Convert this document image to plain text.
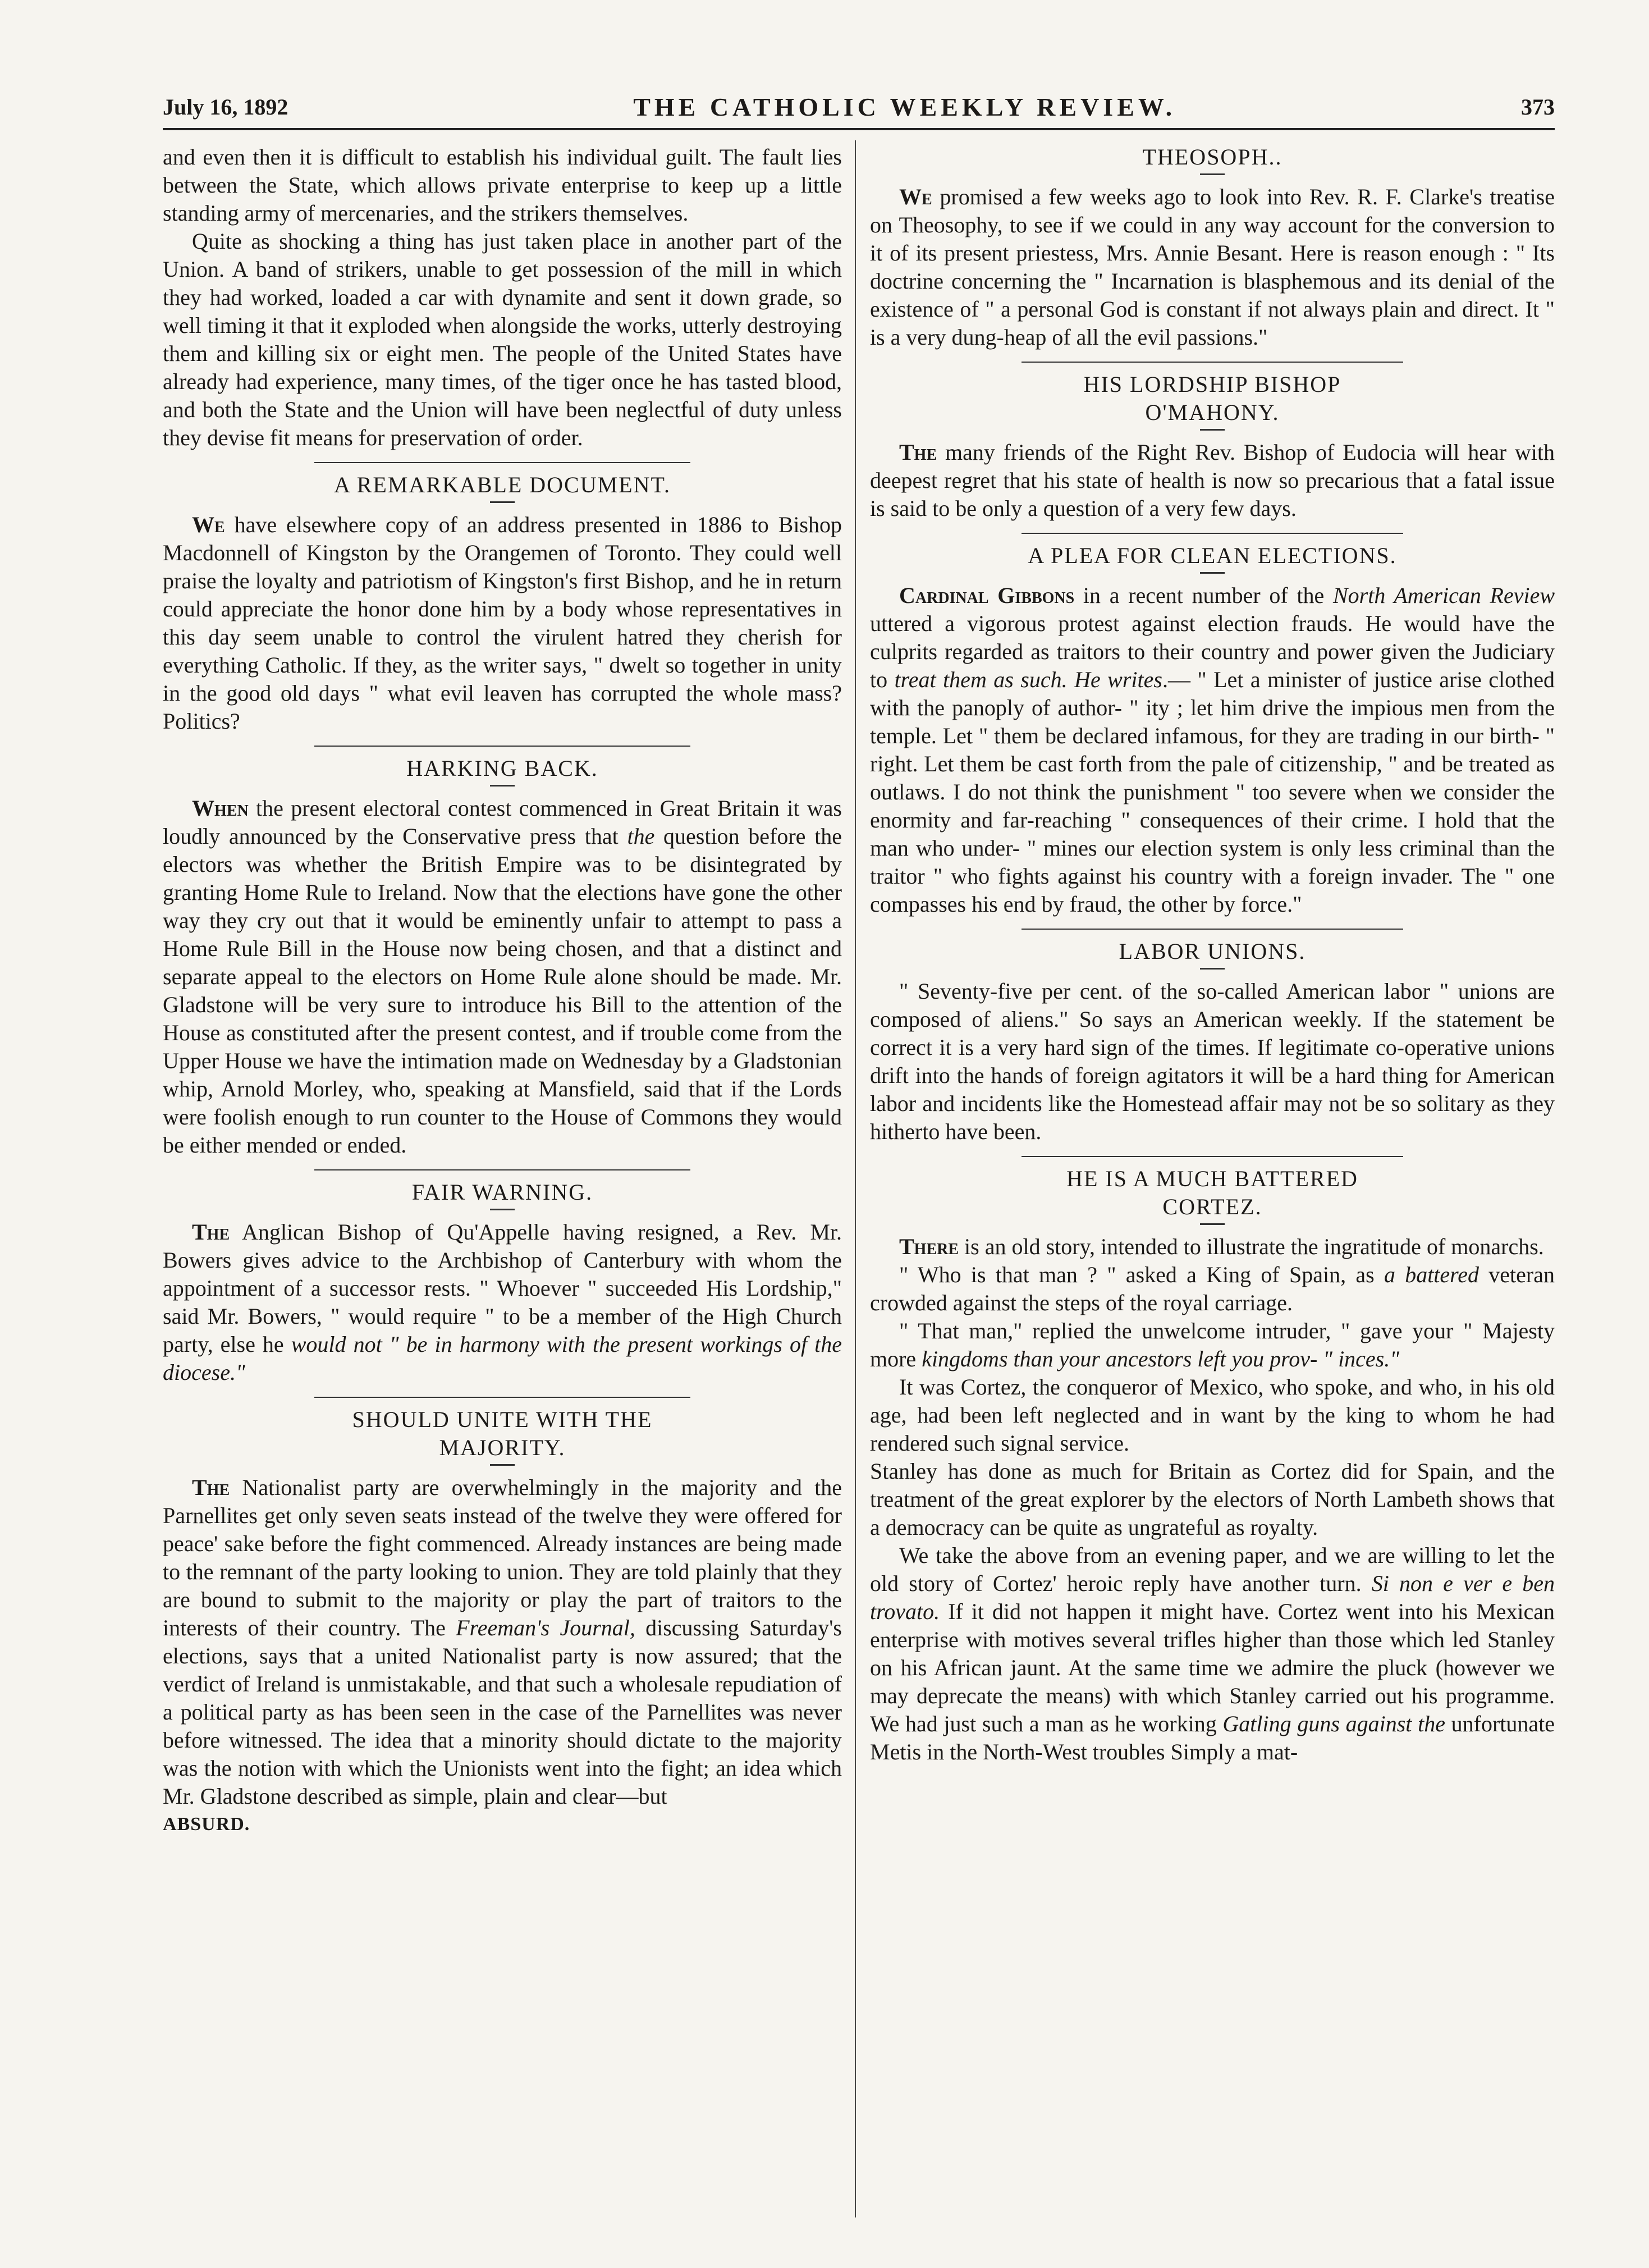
July 16, 1892	THE CATHOLIC WEEKLY REVIEW.	373

and even then it is difficult to establish his individual guilt. The fault lies between the State, which allows private enterprise to keep up a little standing army of mercenaries, and the strikers themselves.

Quite as shocking a thing has just taken place in another part of the Union. A band of strikers, unable to get possession of the mill in which they had worked, loaded a car with dynamite and sent it down grade, so well timing it that it exploded when alongside the works, utterly destroying them and killing six or eight men. The people of the United States have already had experience, many times, of the tiger once he has tasted blood, and both the State and the Union will have been neglectful of duty unless they devise fit means for preservation of order.

A REMARKABLE DOCUMENT.

We have elsewhere copy of an address presented in 1886 to Bishop Macdonnell of Kingston by the Orangemen of Toronto. They could well praise the loyalty and patriotism of Kingston's first Bishop, and he in return could appreciate the honor done him by a body whose representatives in this day seem unable to control the virulent hatred they cherish for everything Catholic. If they, as the writer says, " dwelt so together in unity in the good old days " what evil leaven has corrupted the whole mass? Politics?

HARKING BACK.

When the present electoral contest commenced in Great Britain it was loudly announced by the Conservative press that the question before the electors was whether the British Empire was to be disintegrated by granting Home Rule to Ireland. Now that the elections have gone the other way they cry out that it would be eminently unfair to attempt to pass a Home Rule Bill in the House now being chosen, and that a distinct and separate appeal to the electors on Home Rule alone should be made. Mr. Gladstone will be very sure to introduce his Bill to the attention of the House as constituted after the present contest, and if trouble come from the Upper House we have the intimation made on Wednesday by a Gladstonian whip, Arnold Morley, who, speaking at Mansfield, said that if the Lords were foolish enough to run counter to the House of Commons they would be either mended or ended.

FAIR WARNING.

The Anglican Bishop of Qu'Appelle having resigned, a Rev. Mr. Bowers gives advice to the Archbishop of Canterbury with whom the appointment of a successor rests. " Whoever " succeeded His Lordship," said Mr. Bowers, " would require " to be a member of the High Church party, else he would not " be in harmony with the present workings of the diocese."

SHOULD UNITE WITH THE MAJORITY.

The Nationalist party are overwhelmingly in the majority and the Parnellites get only seven seats instead of the twelve they were offered for peace' sake before the fight commenced. Already instances are being made to the remnant of the party looking to union. They are told plainly that they are bound to submit to the majority or play the part of traitors to the interests of their country. The Freeman's Journal, discussing Saturday's elections, says that a united Nationalist party is now assured; that the verdict of Ireland is unmistakable, and that such a wholesale repudiation of a political party as has been seen in the case of the Parnellites was never before witnessed. The idea that a minority should dictate to the majority was the notion with which the Unionists went into the fight; an idea which Mr. Gladstone described as simple, plain and clear—but

ABSURD.
THEOSOPH..

We promised a few weeks ago to look into Rev. R. F. Clarke's treatise on Theosophy, to see if we could in any way account for the conversion to it of its present priestess, Mrs. Annie Besant. Here is reason enough : " Its doctrine concerning the " Incarnation is blasphemous and its denial of the existence of " a personal God is constant if not always plain and direct. It " is a very dung-heap of all the evil passions."

HIS LORDSHIP BISHOP O'MAHONY.

The many friends of the Right Rev. Bishop of Eudocia will hear with deepest regret that his state of health is now so precarious that a fatal issue is said to be only a question of a very few days.

A PLEA FOR CLEAN ELECTIONS.

Cardinal Gibbons in a recent number of the North American Review uttered a vigorous protest against election frauds. He would have the culprits regarded as traitors to their country and power given the Judiciary to treat them as such. He writes.— " Let a minister of justice arise clothed with the panoply of author- " ity ; let him drive the impious men from the temple. Let " them be declared infamous, for they are trading in our birth- " right. Let them be cast forth from the pale of citizenship, " and be treated as outlaws. I do not think the punishment " too severe when we consider the enormity and far-reaching " consequences of their crime. I hold that the man who under- " mines our election system is only less criminal than the traitor " who fights against his country with a foreign invader. The " one compasses his end by fraud, the other by force."

LABOR UNIONS.

" Seventy-five per cent. of the so-called American labor " unions are composed of aliens." So says an American weekly. If the statement be correct it is a very hard sign of the times. If legitimate co-operative unions drift into the hands of foreign agitators it will be a hard thing for American labor and incidents like the Homestead affair may not be so solitary as they hitherto have been.

HE IS A MUCH BATTERED CORTEZ.

There is an old story, intended to illustrate the ingratitude of monarchs.

" Who is that man ? " asked a King of Spain, as a battered veteran crowded against the steps of the royal carriage.

" That man," replied the unwelcome intruder, " gave your " Majesty more kingdoms than your ancestors left you prov- " inces."

It was Cortez, the conqueror of Mexico, who spoke, and who, in his old age, had been left neglected and in want by the king to whom he had rendered such signal service.

Stanley has done as much for Britain as Cortez did for Spain, and the treatment of the great explorer by the electors of North Lambeth shows that a democracy can be quite as ungrateful as royalty.

We take the above from an evening paper, and we are willing to let the old story of Cortez' heroic reply have another turn. Si non e ver e ben trovato. If it did not happen it might have. Cortez went into his Mexican enterprise with motives several trifles higher than those which led Stanley on his African jaunt. At the same time we admire the pluck (however we may deprecate the means) with which Stanley carried out his programme. We had just such a man as he working Gatling guns against the unfortunate Metis in the North-West troubles Simply a mat-
